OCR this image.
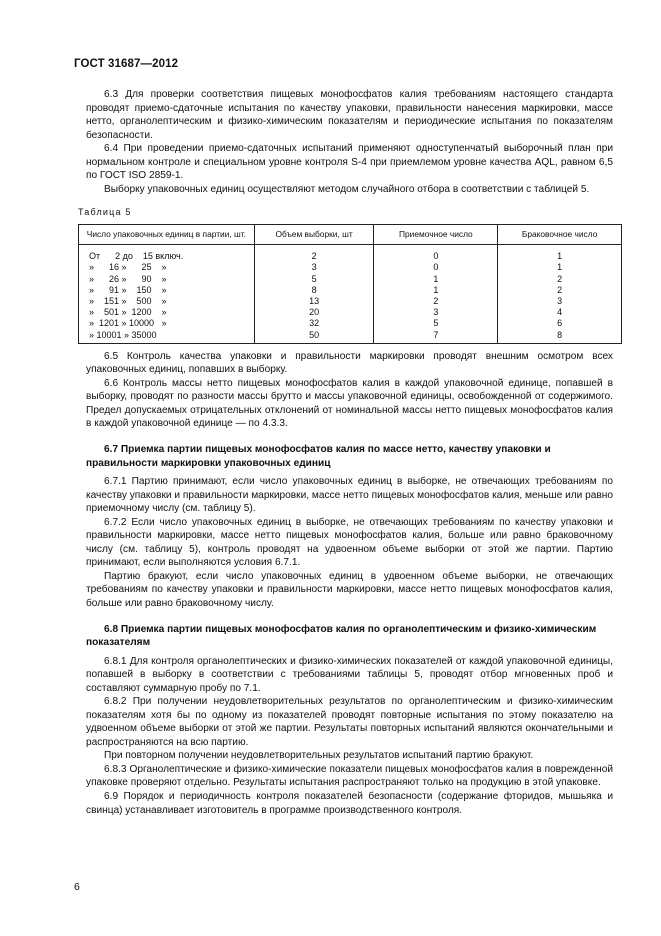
ГОСТ 31687—2012

6.3 Для проверки соответствия пищевых монофосфатов калия требованиям настоящего стандарта проводят приемо-сдаточные испытания по качеству упаковки, правильности нанесения маркировки, массе нетто, органолептическим и физико-химическим показателям и периодические испытания по показателям безопасности.

6.4 При проведении приемо-сдаточных испытаний применяют одноступенчатый выборочный план при нормальном контроле и специальном уровне контроля S-4 при приемлемом уровне качества AQL, равном 6,5 по ГОСТ ISO 2859-1.

Выборку упаковочных единиц осуществляют методом случайного отбора в соответствии с таблицей 5.

Таблица 5
Число упаковочных единиц в партии, шт.	Объем выборки, шт	Приемочное число	Браковочное число
От      2 до    15 включ.	2	0	1
»      16 »      25    »	3	0	1
»      26 »      90    »	5	1	2
»      91 »    150    »	8	1	2
»    151 »    500    »	13	2	3
»    501 »  1200    »	20	3	4
»  1201 » 10000   »	32	5	6
» 10001 » 35000	50	7	8

6.5 Контроль качества упаковки и правильности маркировки проводят внешним осмотром всех упаковочных единиц, попавших в выборку.

6.6 Контроль массы нетто пищевых монофосфатов калия в каждой упаковочной единице, попавшей в выборку, проводят по разности массы брутто и массы упаковочной единицы, освобожденной от содержимого. Предел допускаемых отрицательных отклонений от номинальной массы нетто пищевых монофосфатов калия в каждой упаковочной единице — по 4.3.3.

6.7 Приемка партии пищевых монофосфатов калия по массе нетто, качеству упаковки и правильности маркировки упаковочных единиц

6.7.1 Партию принимают, если число упаковочных единиц в выборке, не отвечающих требованиям по качеству упаковки и правильности маркировки, массе нетто пищевых монофосфатов калия, меньше или равно приемочному числу (см. таблицу 5).

6.7.2 Если число упаковочных единиц в выборке, не отвечающих требованиям по качеству упаковки и правильности маркировки, массе нетто пищевых монофосфатов калия, больше или равно браковочному числу (см. таблицу 5), контроль проводят на удвоенном объеме выборки от этой же партии. Партию принимают, если выполняются условия 6.7.1.

Партию бракуют, если число упаковочных единиц в удвоенном объеме выборки, не отвечающих требованиям по качеству упаковки и правильности маркировки, массе нетто пищевых монофосфатов калия, больше или равно браковочному числу.

6.8 Приемка партии пищевых монофосфатов калия по органолептическим и физико-химическим показателям

6.8.1 Для контроля органолептических и физико-химических показателей от каждой упаковочной единицы, попавшей в выборку в соответствии с требованиями таблицы 5, проводят отбор мгновенных проб и составляют суммарную пробу по 7.1.

6.8.2 При получении неудовлетворительных результатов по органолептическим и физико-химическим показателям хотя бы по одному из показателей проводят повторные испытания по этому показателю на удвоенном объеме выборки от этой же партии. Результаты повторных испытаний являются окончательными и распространяются на всю партию.

При повторном получении неудовлетворительных результатов испытаний партию бракуют.

6.8.3 Органолептические и физико-химические показатели пищевых монофосфатов калия в поврежденной упаковке проверяют отдельно. Результаты испытания распространяют только на продукцию в этой упаковке.

6.9 Порядок и периодичность контроля показателей безопасности (содержание фторидов, мышьяка и свинца) устанавливает изготовитель в программе производственного контроля.

6
